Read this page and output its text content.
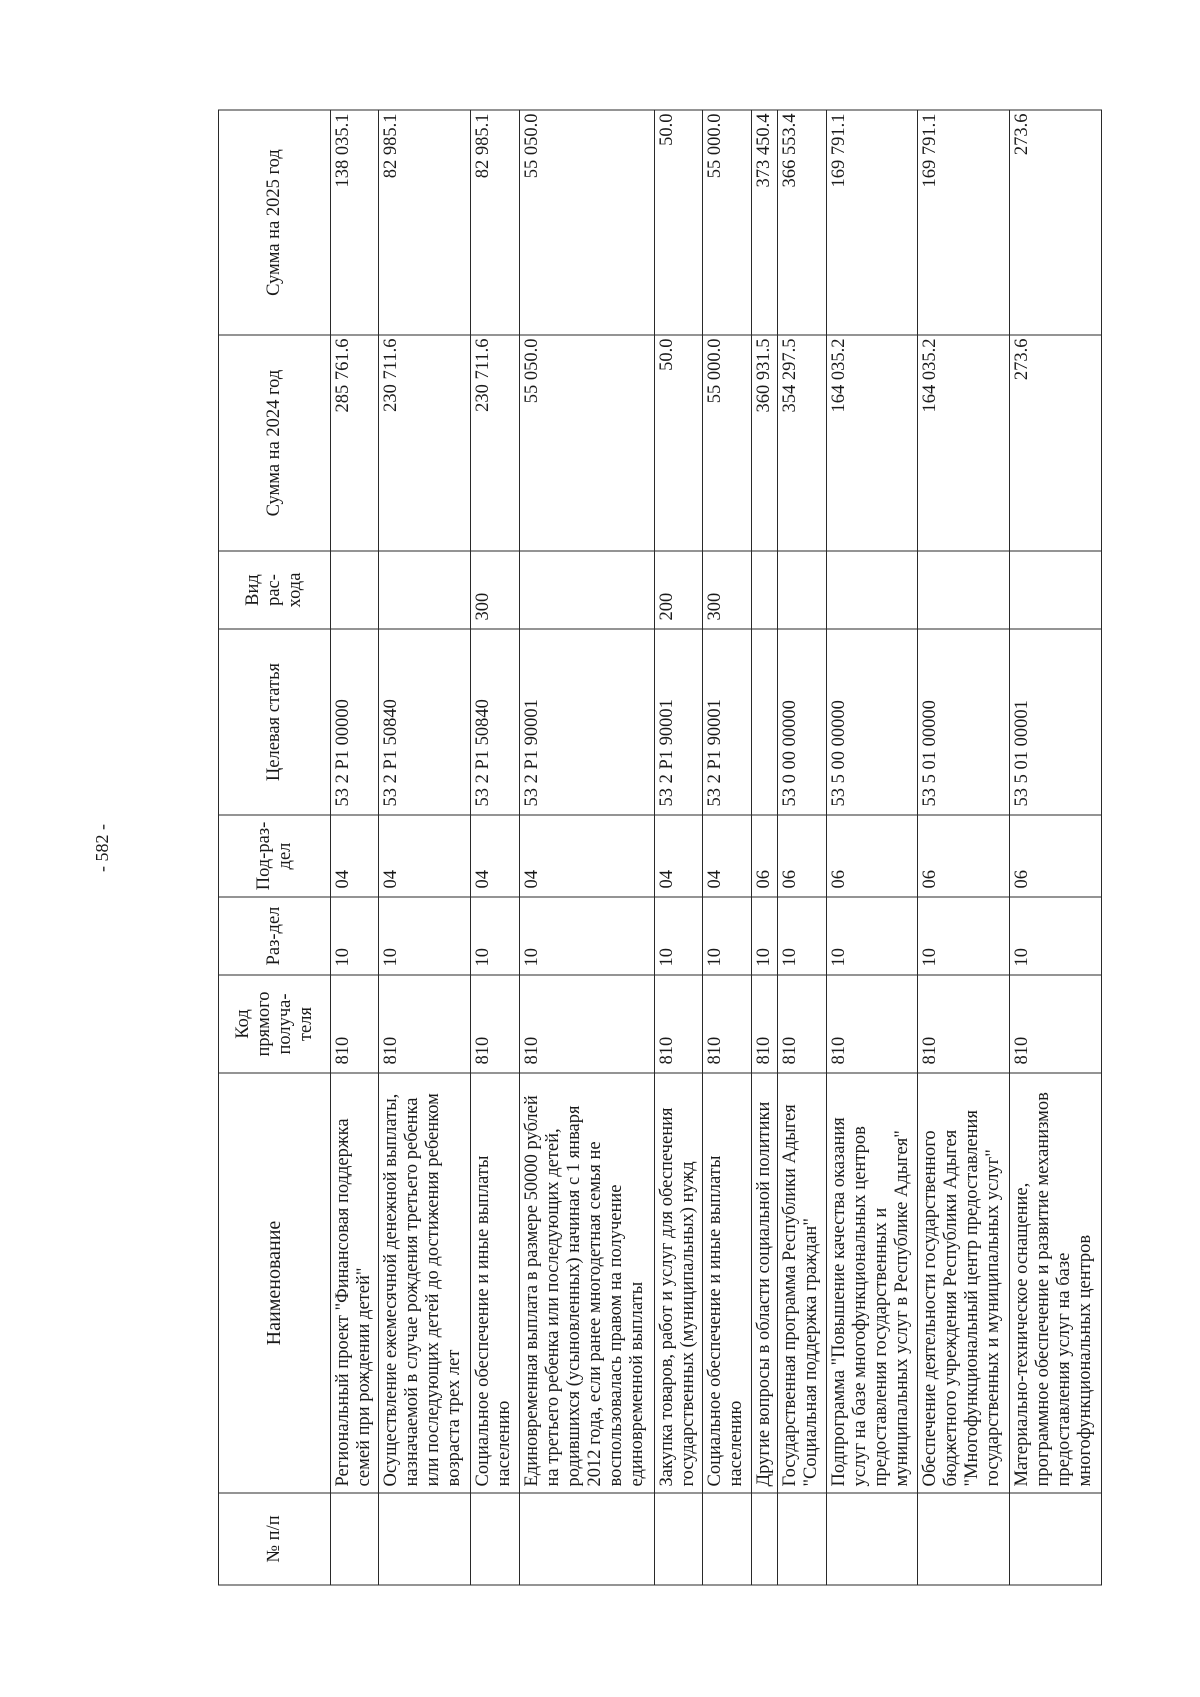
- 582 -
№ п/п	Наименование	Код прямого получа-теля	Раз-дел	Под-раз-дел	Целевая статья	Вид рас-хода	Сумма на 2024 год	Сумма на 2025 год
	Региональный проект "Финансовая поддержка семей при рождении детей"	810	10	04	53 2 P1 00000		285 761.6	138 035.1
	Осуществление ежемесячной денежной выплаты, назначаемой в случае рождения третьего ребенка или последующих детей до достижения ребенком возраста трех лет	810	10	04	53 2 P1 50840		230 711.6	82 985.1
	Социальное обеспечение и иные выплаты населению	810	10	04	53 2 P1 50840	300	230 711.6	82 985.1
	Единовременная выплата в размере 50000 рублей на третьего ребенка или последующих детей, родившихся (усыновленных) начиная с 1 января 2012 года, если ранее многодетная семья не воспользовалась правом на получение единовременной выплаты	810	10	04	53 2 P1 90001		55 050.0	55 050.0
	Закупка товаров, работ и услуг для обеспечения государственных (муниципальных) нужд	810	10	04	53 2 P1 90001	200	50.0	50.0
	Социальное обеспечение и иные выплаты населению	810	10	04	53 2 P1 90001	300	55 000.0	55 000.0
	Другие вопросы в области социальной политики	810	10	06			360 931.5	373 450.4
	Государственная программа Республики Адыгея "Социальная поддержка граждан"	810	10	06	53 0 00 00000		354 297.5	366 553.4
	Подпрограмма "Повышение качества оказания услуг на базе многофункциональных центров предоставления государственных и муниципальных услуг в Республике Адыгея"	810	10	06	53 5 00 00000		164 035.2	169 791.1
	Обеспечение деятельности государственного бюджетного учреждения Республики Адыгея "Многофункциональный центр предоставления государственных и муниципальных услуг"	810	10	06	53 5 01 00000		164 035.2	169 791.1
	Материально-техническое оснащение, программное обеспечение и развитие механизмов предоставления услуг на базе многофункциональных центров	810	10	06	53 5 01 00001		273.6	273.6
